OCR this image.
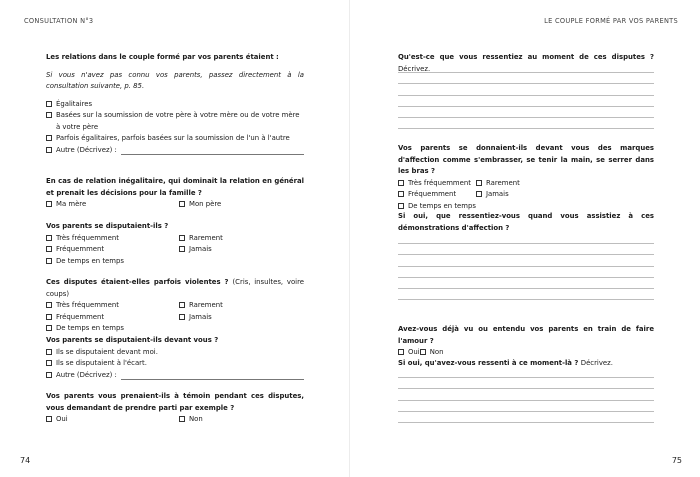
CONSULTATION N°3

Les relations dans le couple formé par vos parents étaient :

Si vous n'avez pas connu vos parents, passez directement à la consultation suivante, p. 85.

Égalitaires
Basées sur la soumission de votre père à votre mère ou de votre mère

à votre père

Parfois égalitaires, parfois basées sur la soumission de l'un à l'autre
Autre (Décrivez) :

En cas de relation inégalitaire, qui dominait la relation en général et prenait les décisions pour la famille ?

Ma mère	Mon père

Vos parents se disputaient-ils ?

Très fréquemment
Fréquemment
De temps en temps
Rarement
Jamais

Ces disputes étaient-elles parfois violentes ? (Cris, insultes, voire coups)

Très fréquemment
Fréquemment
De temps en temps
Rarement
Jamais

Vos parents se disputaient-ils devant vous ?

Ils se disputaient devant moi.
Ils se disputaient à l'écart.
Autre (Décrivez) :

Vos parents vous prenaient-ils à témoin pendant ces disputes, vous demandant de prendre parti par exemple ?

Oui	Non
74
LE COUPLE FORMÉ PAR VOS PARENTS
75

Qu'est-ce que vous ressentiez au moment de ces disputes ? Décrivez.

Vos parents se donnaient-ils devant vous des marques d'affection comme s'embrasser, se tenir la main, se serrer dans les bras ?

Très fréquemment
Fréquemment
De temps en temps
Rarement
Jamais

Si oui, que ressentiez-vous quand vous assistiez à ces démonstrations d'affection ?

Avez-vous déjà vu ou entendu vos parents en train de faire l'amour ?

Oui Non

Si oui, qu'avez-vous ressenti à ce moment-là ? Décrivez.
